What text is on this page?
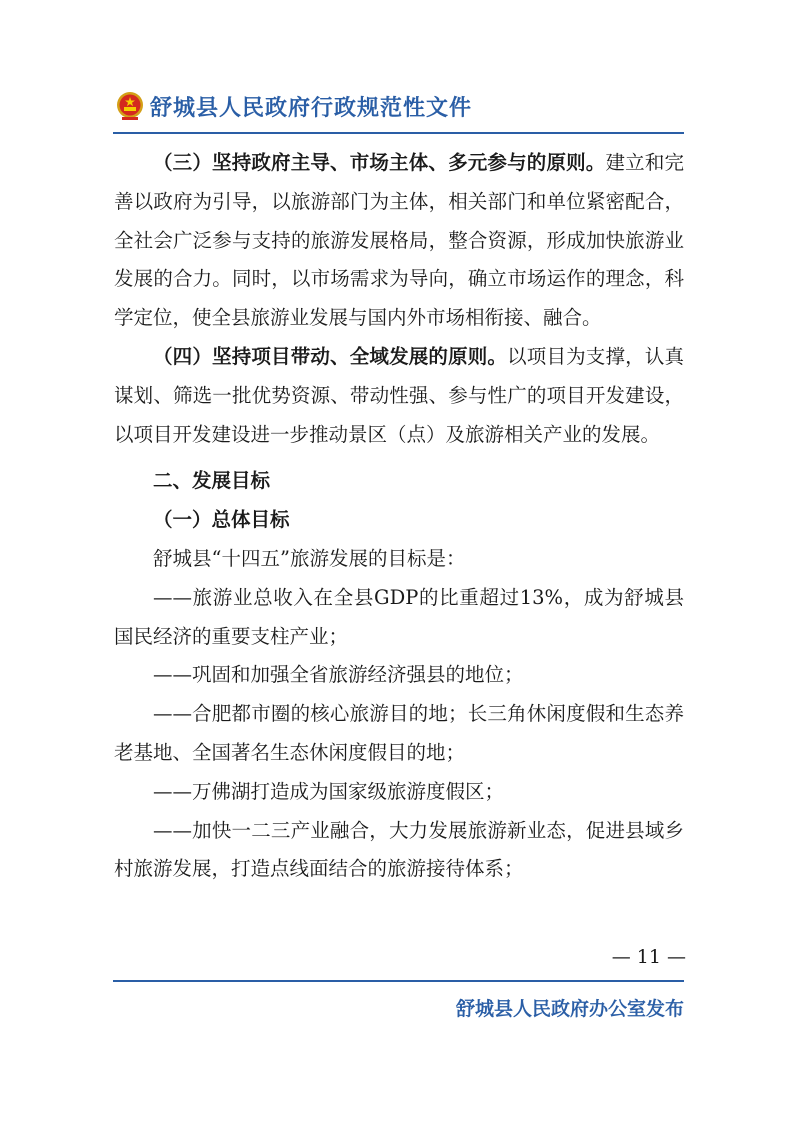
舒城县人民政府行政规范性文件

（三）坚持政府主导、市场主体、多元参与的原则。建立和完善以政府为引导，以旅游部门为主体，相关部门和单位紧密配合，全社会广泛参与支持的旅游发展格局，整合资源，形成加快旅游业发展的合力。同时，以市场需求为导向，确立市场运作的理念，科学定位，使全县旅游业发展与国内外市场相衔接、融合。

（四）坚持项目带动、全域发展的原则。以项目为支撑，认真谋划、筛选一批优势资源、带动性强、参与性广的项目开发建设，以项目开发建设进一步推动景区（点）及旅游相关产业的发展。

二、发展目标

（一）总体目标

舒城县“十四五”旅游发展的目标是：

——旅游业总收入在全县GDP的比重超过13%，成为舒城县国民经济的重要支柱产业；

——巩固和加强全省旅游经济强县的地位；

——合肥都市圈的核心旅游目的地；长三角休闲度假和生态养老基地、全国著名生态休闲度假目的地；

——万佛湖打造成为国家级旅游度假区；

——加快一二三产业融合，大力发展旅游新业态，促进县域乡村旅游发展，打造点线面结合的旅游接待体系；

— 11 —
舒城县人民政府办公室发布
